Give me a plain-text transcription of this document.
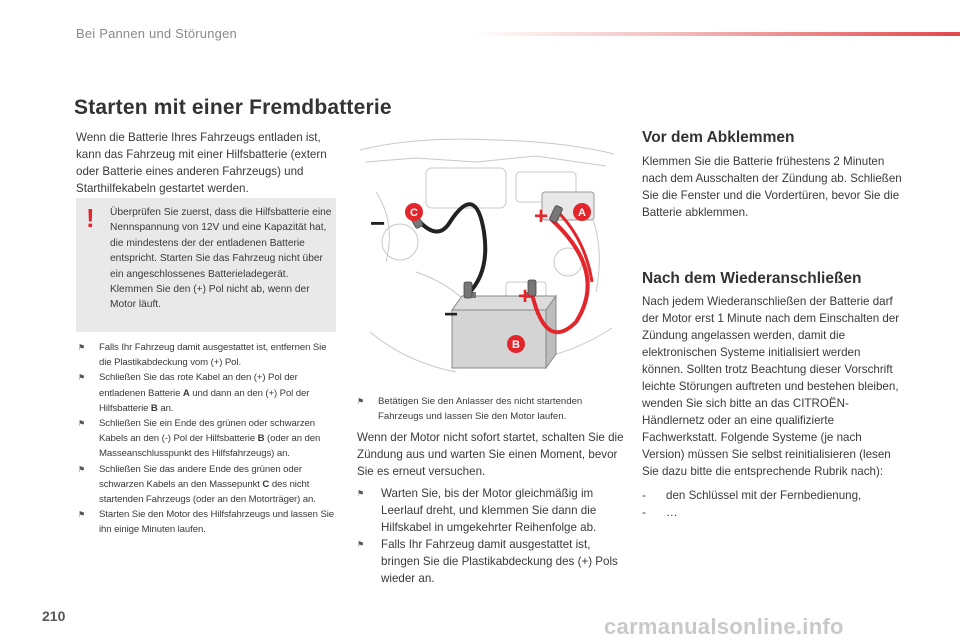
Bei Pannen und Störungen
Starten mit einer Fremdbatterie

Wenn die Batterie Ihres Fahrzeugs entladen ist, kann das Fahrzeug mit einer Hilfsbatterie (extern oder Batterie eines anderen Fahrzeugs) und Starthilfekabeln gestartet werden.

! Überprüfen Sie zuerst, dass die Hilfsbatterie eine Nennspannung von 12V und eine Kapazität hat, die mindestens der der entladenen Batterie entspricht. Starten Sie das Fahrzeug nicht über ein angeschlossenes Batterieladegerät. Klemmen Sie den (+) Pol nicht ab, wenn der Motor läuft.

⚑ Falls Ihr Fahrzeug damit ausgestattet ist, entfernen Sie die Plastikabdeckung vom (+) Pol.
⚑ Schließen Sie das rote Kabel an den (+) Pol der entladenen Batterie A und dann an den (+) Pol der Hilfsbatterie B an.
⚑ Schließen Sie ein Ende des grünen oder schwarzen Kabels an den (-) Pol der Hilfsbatterie B (oder an den Masseanschlusspunkt des Hilfsfahrzeugs) an.
⚑ Schließen Sie das andere Ende des grünen oder schwarzen Kabels an den Massepunkt C des nicht startenden Fahrzeugs (oder an den Motorträger) an.
⚑ Starten Sie den Motor des Hilfsfahrzeugs und lassen Sie ihn einige Minuten laufen.
−	+
−
+
C	A
B
⚑ Betätigen Sie den Anlasser des nicht startenden Fahrzeugs und lassen Sie den Motor laufen.

Wenn der Motor nicht sofort startet, schalten Sie die Zündung aus und warten Sie einen Moment, bevor Sie es erneut versuchen.

⚑ Warten Sie, bis der Motor gleichmäßig im Leerlauf dreht, und klemmen Sie dann die Hilfskabel in umgekehrter Reihenfolge ab.
⚑ Falls Ihr Fahrzeug damit ausgestattet ist, bringen Sie die Plastikabdeckung des (+) Pols wieder an.
Vor dem Abklemmen

Klemmen Sie die Batterie frühestens 2 Minuten nach dem Ausschalten der Zündung ab. Schließen Sie die Fenster und die Vordertüren, bevor Sie die Batterie abklemmen.

Nach dem Wiederanschließen

Nach jedem Wiederanschließen der Batterie darf der Motor erst 1 Minute nach dem Einschalten der Zündung angelassen werden, damit die elektronischen Systeme initialisiert werden können. Sollten trotz Beachtung dieser Vorschrift leichte Störungen auftreten und bestehen bleiben, wenden Sie sich bitte an das CITROËN-Händlernetz oder an eine qualifizierte Fachwerkstatt. Folgende Systeme (je nach Version) müssen Sie selbst reinitialisieren (lesen Sie dazu bitte die entsprechende Rubrik nach):

- den Schlüssel mit der Fernbedienung,
- …
210	carmanualsonline.info
